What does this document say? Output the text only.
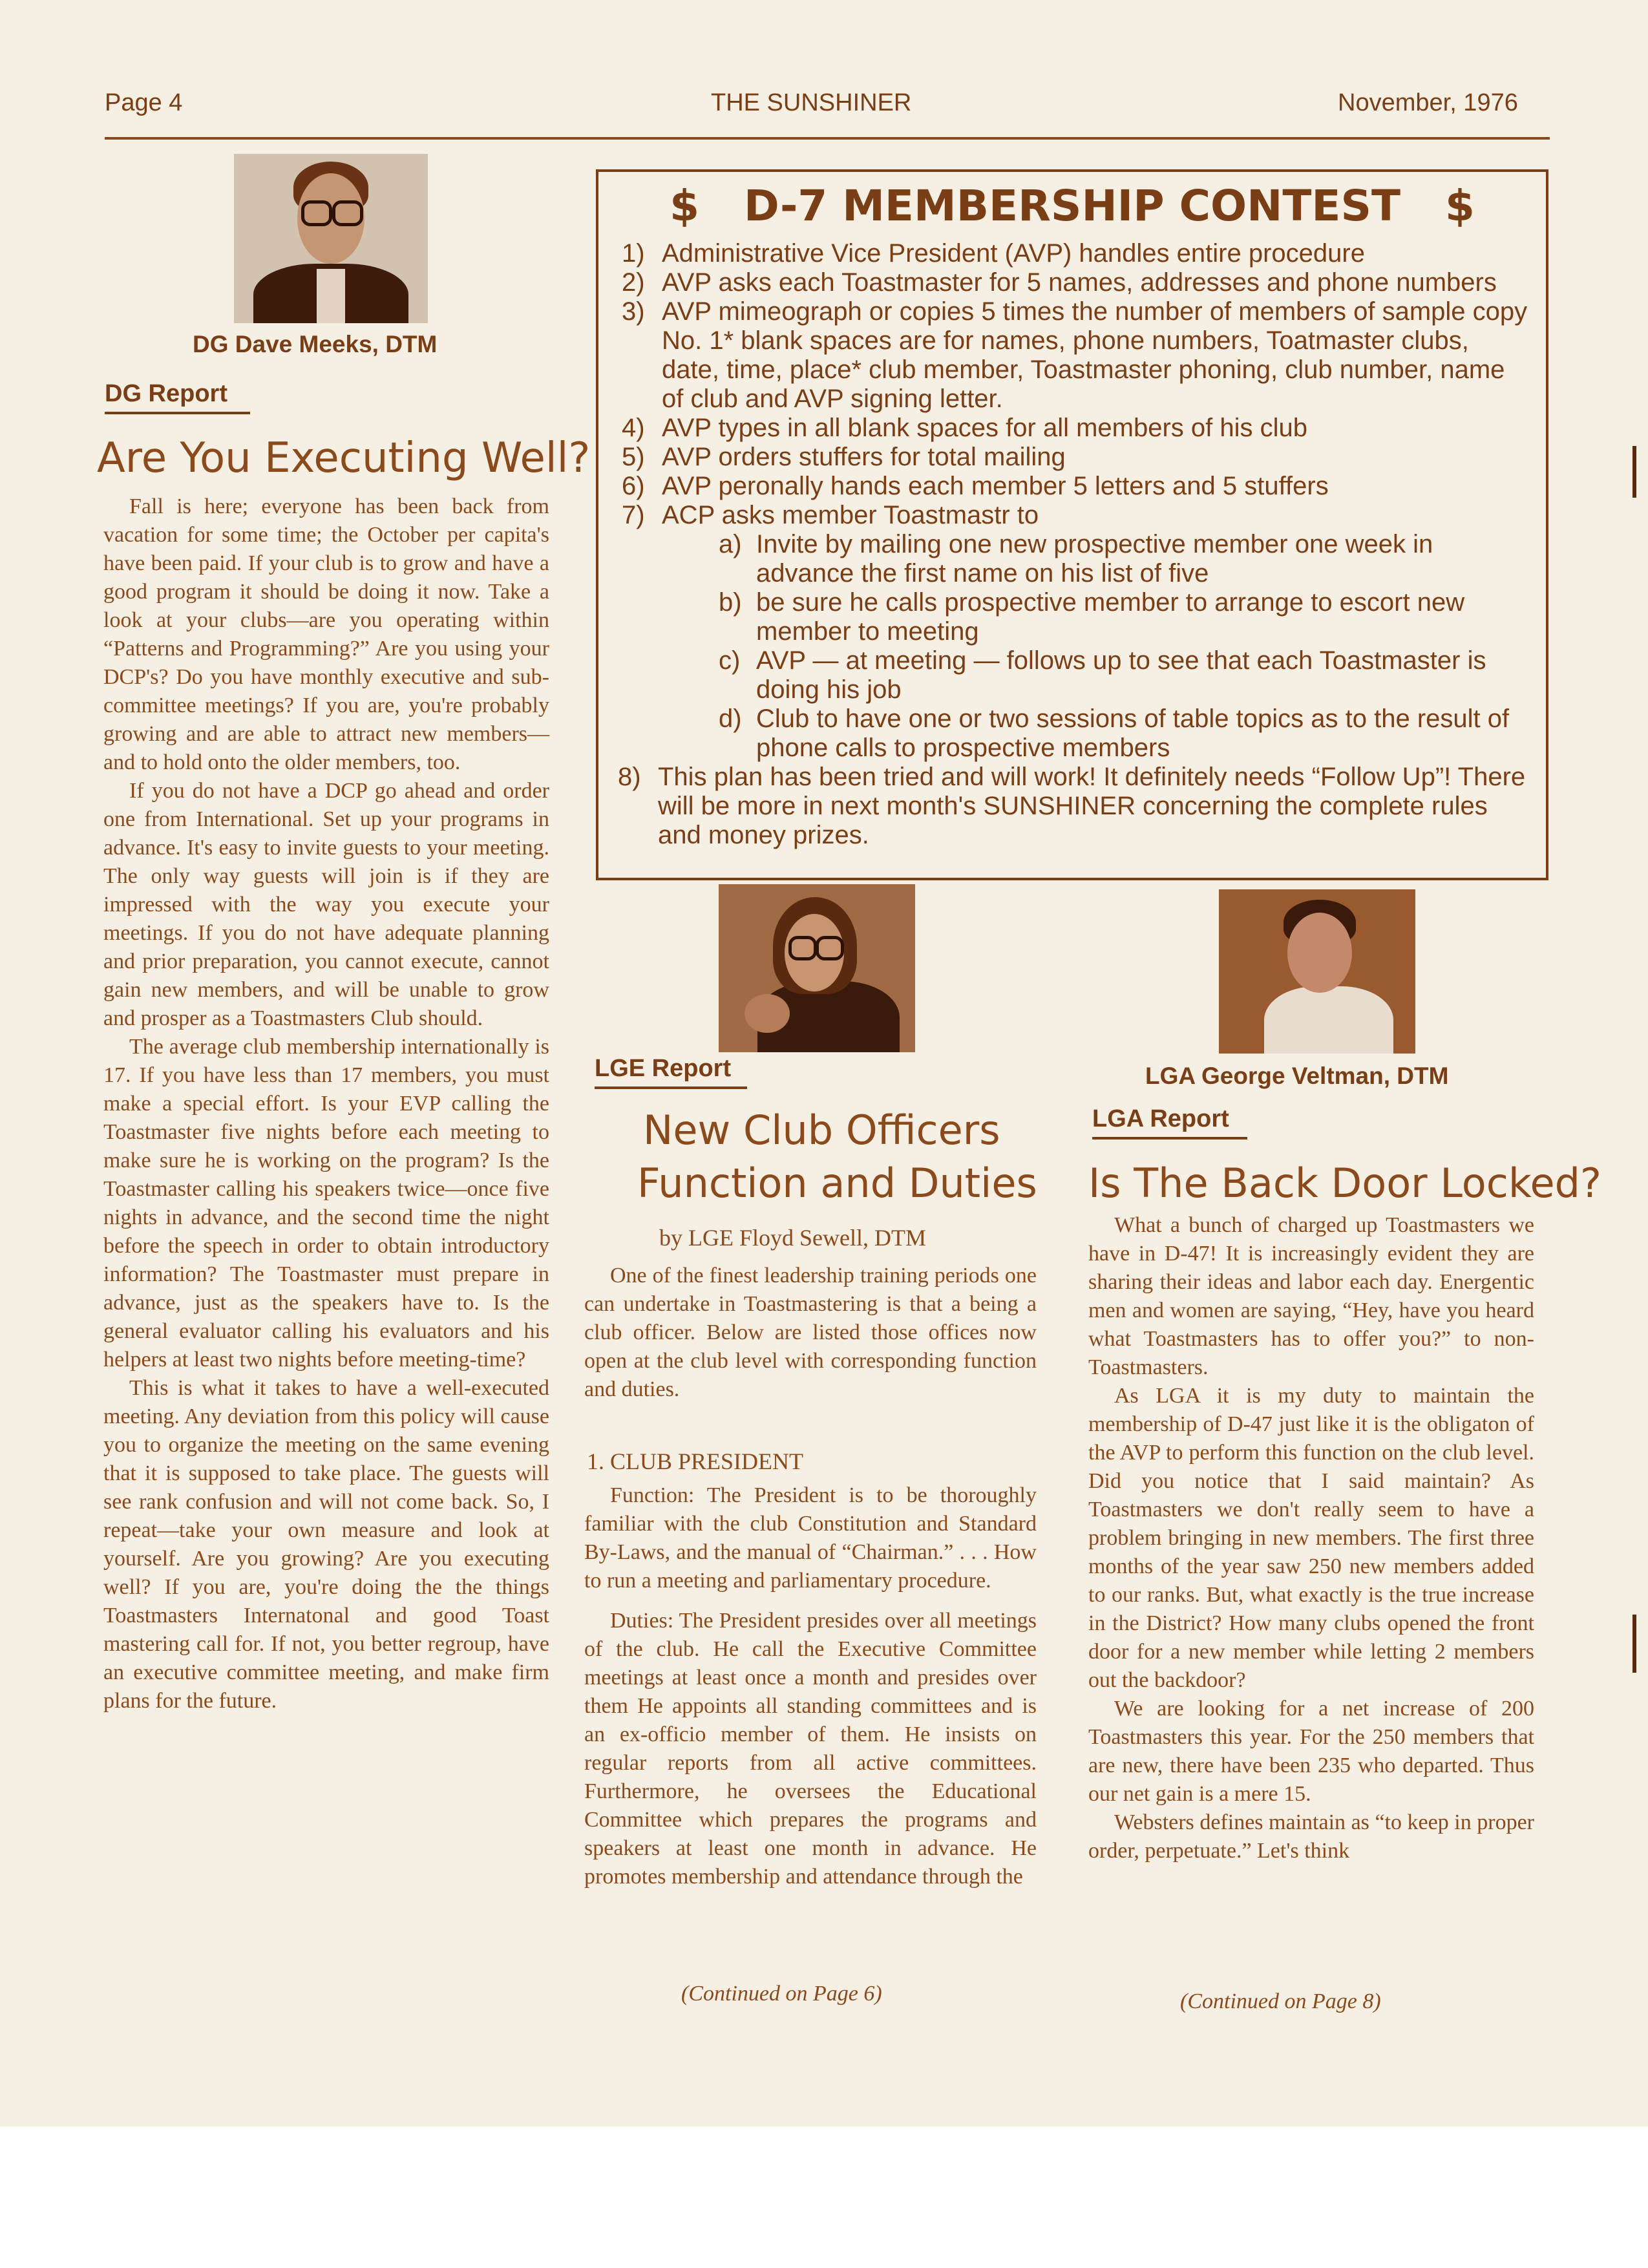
Page 4	THE SUNSHINER	November, 1976
DG Dave Meeks, DTM
DG Report
Are You Executing Well?

Fall is here; everyone has been back from vacation for some time; the October per capita's have been paid. If your club is to grow and have a good program it should be doing it now. Take a look at your clubs—are you operating within “Patterns and Programming?” Are you using your DCP's? Do you have monthly executive and sub-committee meetings? If you are, you're probably growing and are able to attract new members—and to hold onto the older members, too.

If you do not have a DCP go ahead and order one from International. Set up your programs in advance. It's easy to invite guests to your meeting. The only way guests will join is if they are impressed with the way you execute your meetings. If you do not have adequate planning and prior preparation, you cannot execute, cannot gain new members, and will be unable to grow and prosper as a Toastmasters Club should.

The average club membership internationally is 17. If you have less than 17 members, you must make a special effort. Is your EVP calling the Toastmaster five nights before each meeting to make sure he is working on the program? Is the Toastmaster calling his speakers twice—once five nights in advance, and the second time the night before the speech in order to obtain introductory information? The Toastmaster must prepare in advance, just as the speakers have to. Is the general evaluator calling his evaluators and his helpers at least two nights before meeting-time?

This is what it takes to have a well-executed meeting. Any deviation from this policy will cause you to organize the meeting on the same evening that it is supposed to take place. The guests will see rank confusion and will not come back. So, I repeat—take your own measure and look at yourself. Are you growing? Are you executing well? If you are, you're doing the the things Toastmasters Internatonal and good Toast mastering call for. If not, you better regroup, have an executive committee meeting, and make firm plans for the future.

$   D-7 MEMBERSHIP CONTEST   $
1) Administrative Vice President (AVP) handles entire procedure
2) AVP asks each Toastmaster for 5 names, addresses and phone numbers
3) AVP mimeograph or copies 5 times the number of members of sample copy No. 1* blank spaces are for names, phone numbers, Toatmaster clubs, date, time, place* club member, Toastmaster phoning, club number, name of club and AVP signing letter.
4) AVP types in all blank spaces for all members of his club
5) AVP orders stuffers for total mailing
6) AVP peronally hands each member 5 letters and 5 stuffers
7) ACP asks member Toastmastr to
a) Invite by mailing one new prospective member one week in advance the first name on his list of five
b) be sure he calls prospective member to arrange to escort new member to meeting
c) AVP — at meeting — follows up to see that each Toastmaster is doing his job
d) Club to have one or two sessions of table topics as to the result of phone calls to prospective members
8) This plan has been tried and will work! It definitely needs “Follow Up”! There will be more in next month's SUNSHINER concerning the complete rules and money prizes.
LGE Report
New Club Officers
Function and Duties
by LGE Floyd Sewell, DTM

One of the finest leadership training periods one can undertake in Toastmastering is that a being a club officer. Below are listed those offices now open at the club level with corresponding function and duties.

1. CLUB PRESIDENT

Function: The President is to be thoroughly familiar with the club Constitution and Standard By-Laws, and the manual of “Chairman.” . . . How to run a meeting and parliamentary procedure.

Duties: The President presides over all meetings of the club. He call the Executive Committee meetings at least once a month and presides over them He appoints all standing committees and is an ex-officio member of them. He insists on regular reports from all active committees. Furthermore, he oversees the Educational Committee which prepares the programs and speakers at least one month in advance. He promotes membership and attendance through the

(Continued on Page 6)
LGA George Veltman, DTM
LGA Report
Is The Back Door Locked?

What a bunch of charged up Toastmasters we have in D-47! It is increasingly evident they are sharing their ideas and labor each day. Energentic men and women are saying, “Hey, have you heard what Toastmasters has to offer you?” to non-Toastmasters.

As LGA it is my duty to maintain the membership of D-47 just like it is the obligaton of the AVP to perform this function on the club level. Did you notice that I said maintain? As Toastmasters we don't really seem to have a problem bringing in new members. The first three months of the year saw 250 new members added to our ranks. But, what exactly is the true increase in the District? How many clubs opened the front door for a new member while letting 2 members out the backdoor?

We are looking for a net increase of 200 Toastmasters this year. For the 250 members that are new, there have been 235 who departed. Thus our net gain is a mere 15.

Websters defines maintain as “to keep in proper order, perpetuate.” Let's think

(Continued on Page 8)
